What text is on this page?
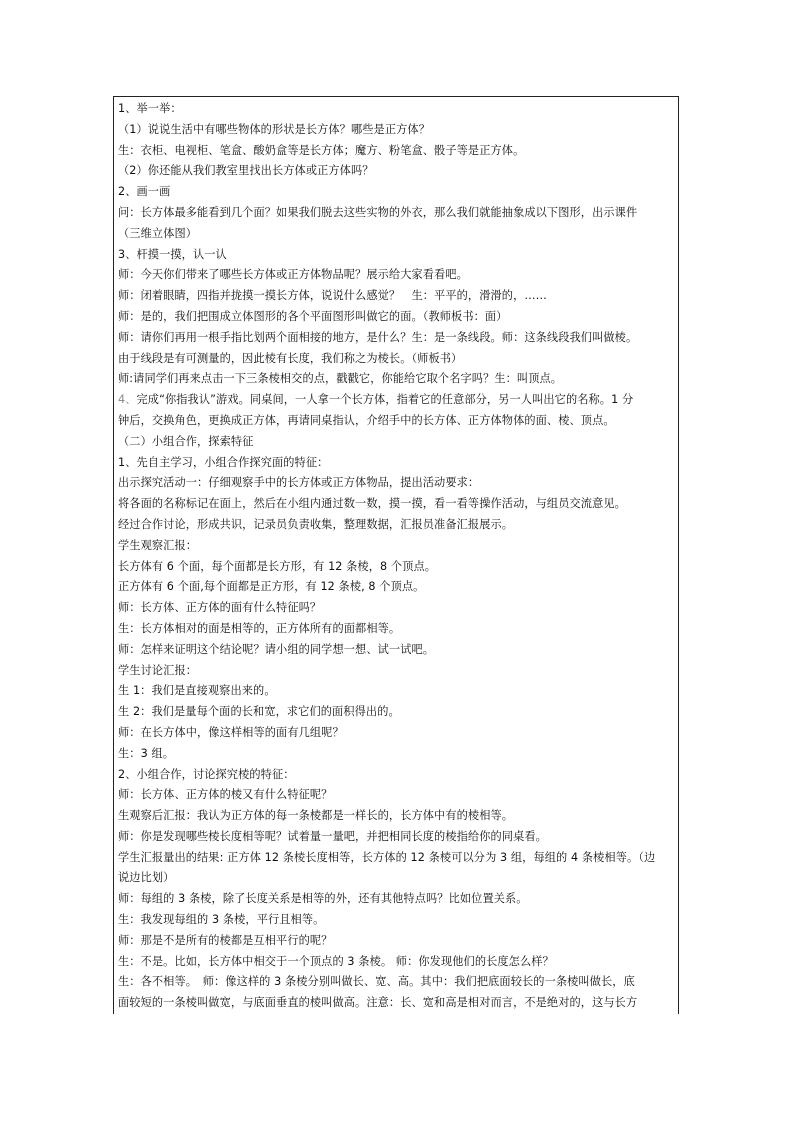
1、举一举：
（1）说说生活中有哪些物体的形状是长方体？哪些是正方体？
生：衣柜、电视柜、笔盒、酸奶盒等是长方体；魔方、粉笔盒、骰子等是正方体。
（2）你还能从我们教室里找出长方体或正方体吗？
2、画一画
问：长方体最多能看到几个面？如果我们脱去这些实物的外衣，那么我们就能抽象成以下图形，出示课件
（三维立体图）
3、杆摸一摸，认一认
师：今天你们带来了哪些长方体或正方体物品呢？展示给大家看看吧。
师：闭着眼睛，四指并拢摸一摸长方体，说说什么感觉？　生：平平的，滑滑的，……
师：是的，我们把围成立体图形的各个平面图形叫做它的面。（教师板书：面）
师：请你们再用一根手指比划两个面相接的地方，是什么？生：是一条线段。师：这条线段我们叫做棱。
由于线段是有可测量的，因此棱有长度，我们称之为棱长。（师板书）
师:请同学们再来点击一下三条棱相交的点，戳戳它，你能给它取个名字吗？生：叫顶点。
4、完成“你指我认”游戏。同桌间，一人拿一个长方体，指着它的任意部分，另一人叫出它的名称。1 分
钟后，交换角色，更换成正方体，再请同桌指认，介绍手中的长方体、正方体物体的面、棱、顶点。
（二）小组合作，探索特征
1、先自主学习，小组合作探究面的特征：
出示探究活动一：仔细观察手中的长方体或正方体物品，提出活动要求：
将各面的名称标记在面上，然后在小组内通过数一数，摸一摸，看一看等操作活动，与组员交流意见。
经过合作讨论，形成共识，记录员负责收集，整理数据，汇报员准备汇报展示。
学生观察汇报：
长方体有 6 个面，每个面都是长方形，有 12 条棱，8 个顶点。
正方体有 6 个面,每个面都是正方形，有 12 条棱, 8 个顶点。
师：长方体、正方体的面有什么特征吗？
生：长方体相对的面是相等的，正方体所有的面都相等。
师：怎样来证明这个结论呢？请小组的同学想一想、试一试吧。
学生讨论汇报：
生 1：我们是直接观察出来的。
生 2：我们是量每个面的长和宽，求它们的面积得出的。
师：在长方体中，像这样相等的面有几组呢？
生：3 组。
2、小组合作，讨论探究棱的特征：
师：长方体、正方体的棱又有什么特征呢？
生观察后汇报：我认为正方体的每一条棱都是一样长的，长方体中有的棱相等。
师：你是发现哪些棱长度相等呢？试着量一量吧，并把相同长度的棱指给你的同桌看。
学生汇报量出的结果: 正方体 12 条棱长度相等，长方体的 12 条棱可以分为 3 组，每组的 4 条棱相等。（边
说边比划）
师：每组的 3 条棱，除了长度关系是相等的外，还有其他特点吗？比如位置关系。
生：我发现每组的 3 条棱，平行且相等。
师：那是不是所有的棱都是互相平行的呢？
生：不是。比如，长方体中相交于一个顶点的 3 条棱。 师：你发现他们的长度怎么样？
生：各不相等。　师：像这样的 3 条棱分别叫做长、宽、高。其中：我们把底面较长的一条棱叫做长，底
面较短的一条棱叫做宽，与底面垂直的棱叫做高。注意：长、宽和高是相对而言，不是绝对的，这与长方
